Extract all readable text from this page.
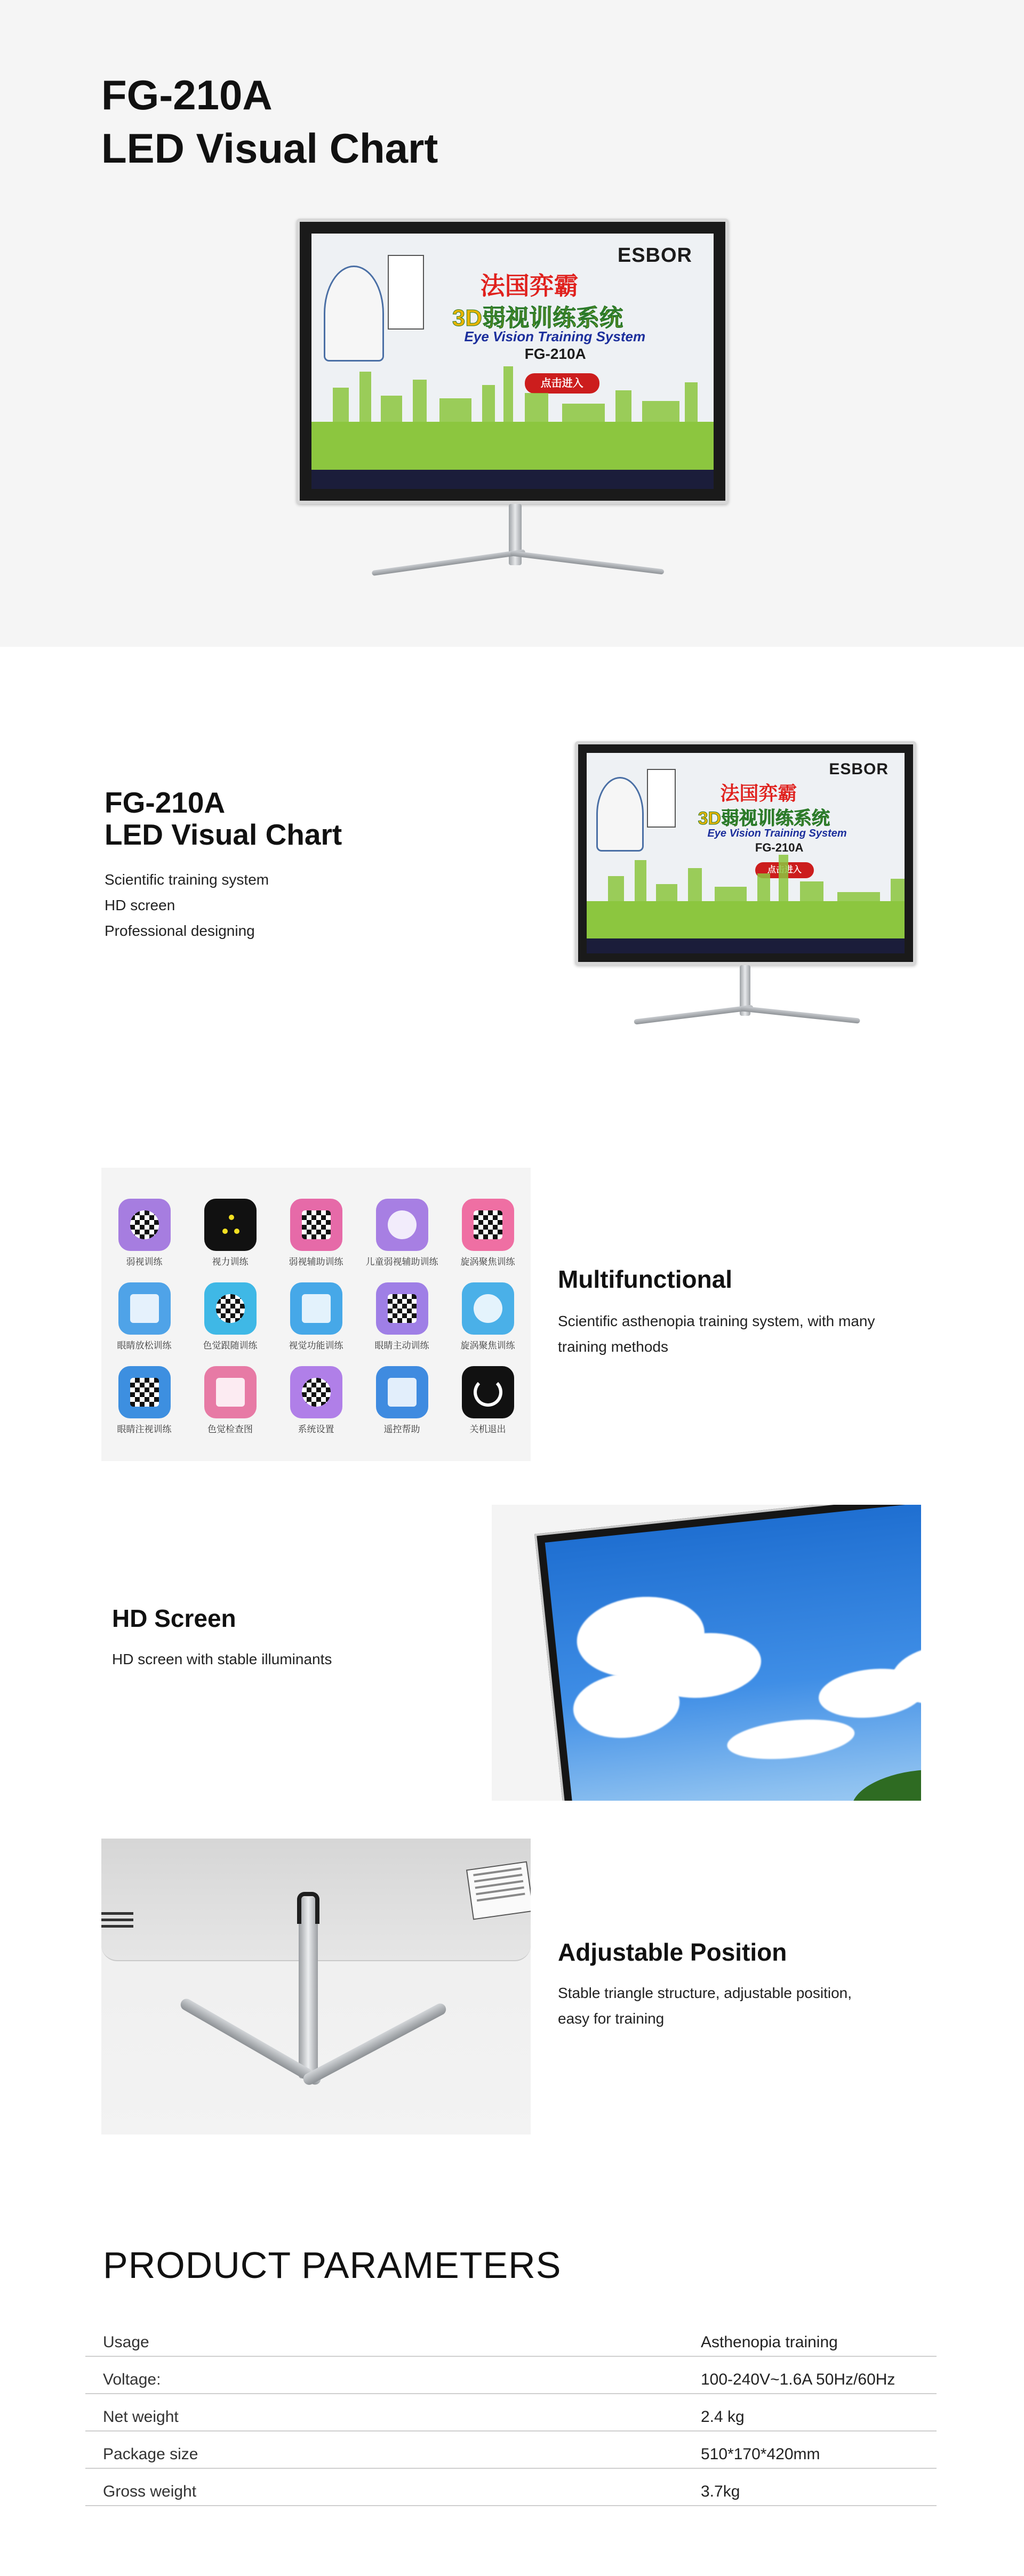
FG-210A
LED Visual Chart
ESBOR
法国弈霸
3D弱视训练系统
Eye Vision Training System
FG-210A
FG-210A
LED Visual Chart
Scientific training system
HD screen
Professional designing
ESBOR
法国弈霸
3D弱视训练系统
Eye Vision Training System
FG-210A
弱视训练	视力训练	弱视辅助训练	儿童弱视辅助训练	旋涡聚焦训练
眼睛放松训练	色觉跟随训练	视觉功能训练	眼睛主动训练	旋涡聚焦训练
眼睛注视训练	色觉检查图	系统设置	遥控帮助	关机退出
Multifunctional
Scientific asthenopia training system, with many
training methods
HD Screen
HD screen with stable illuminants
Adjustable Position
Stable triangle structure, adjustable position,
easy for training
PRODUCT PARAMETERS
Usage	Asthenopia training
Voltage:	100-240V~1.6A 50Hz/60Hz
Net weight	2.4 kg
Package size	510*170*420mm
Gross weight	3.7kg
